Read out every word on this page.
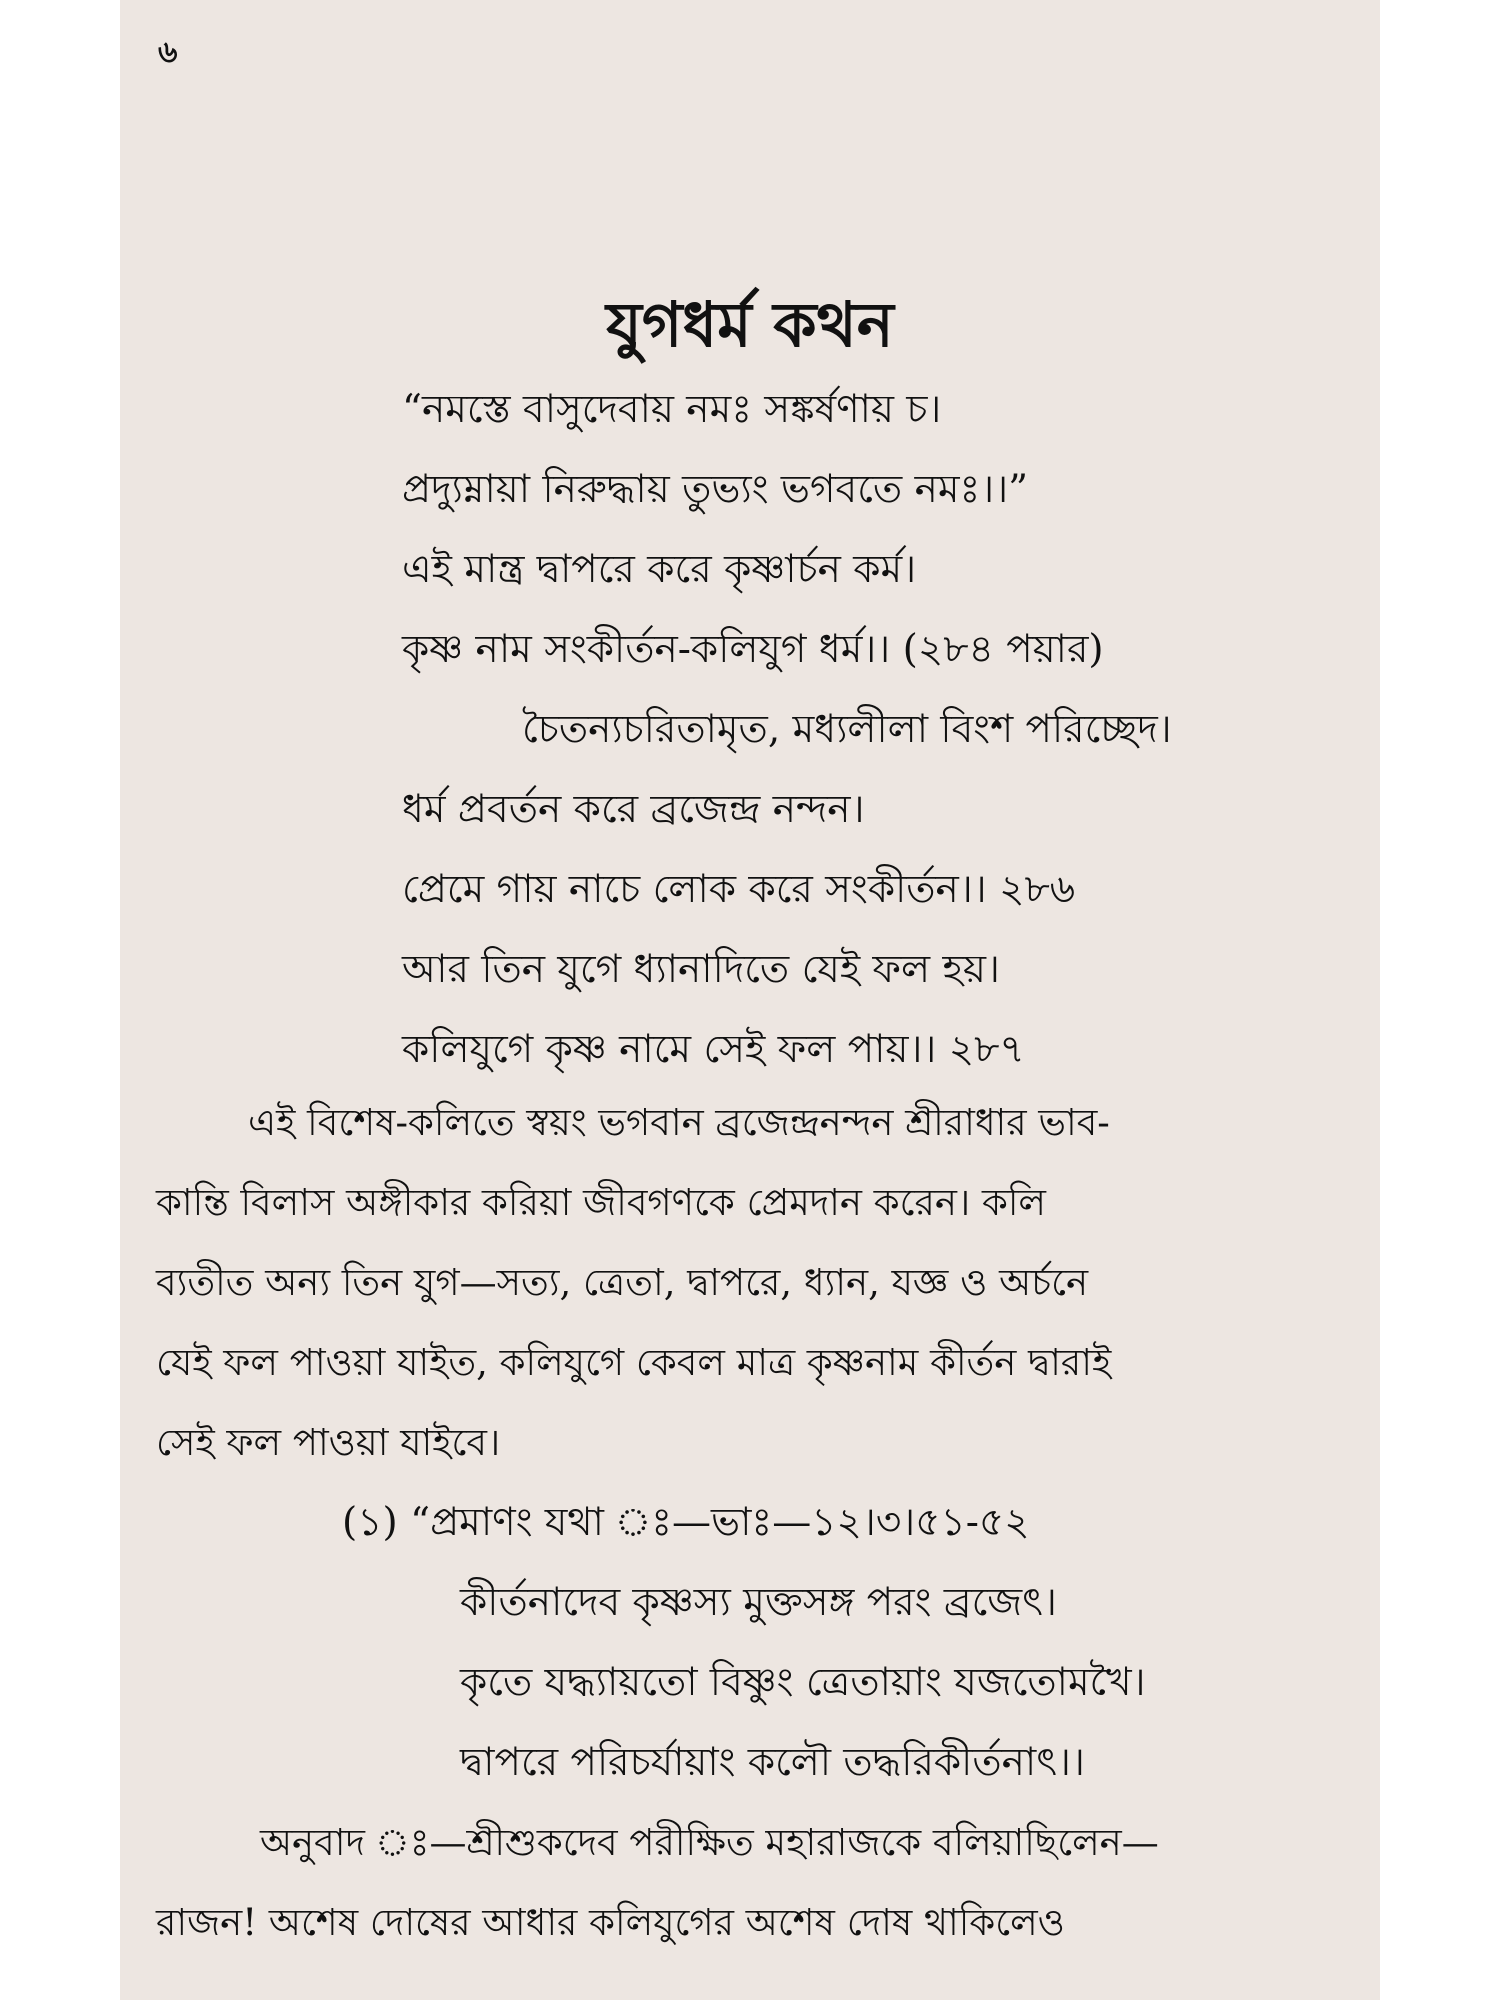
৬
যুগধর্ম কথন
“নমস্তে বাসুদেবায় নমঃ সঙ্কর্ষণায় চ।
প্রদ্যুম্নায়া নিরুদ্ধায় তুভ্যং ভগবতে নমঃ।।”
এই মান্ত্র দ্বাপরে করে কৃষ্ণার্চন কর্ম।
কৃষ্ণ নাম সংকীর্তন-কলিযুগ ধর্ম।। (২৮৪ পয়ার)
চৈতন্যচরিতামৃত, মধ্যলীলা বিংশ পরিচ্ছেদ।
ধর্ম প্রবর্তন করে ব্রজেন্দ্র নন্দন।
প্রেমে গায় নাচে লোক করে সংকীর্তন।। ২৮৬
আর তিন যুগে ধ্যানাদিতে যেই ফল হয়।
কলিযুগে কৃষ্ণ নামে সেই ফল পায়।। ২৮৭
এই বিশেষ-কলিতে স্বয়ং ভগবান ব্রজেন্দ্রনন্দন শ্রীরাধার ভাব-
কান্তি বিলাস অঙ্গীকার করিয়া জীবগণকে প্রেমদান করেন। কলি
ব্যতীত অন্য তিন যুগ—সত্য, ত্রেতা, দ্বাপরে, ধ্যান, যজ্ঞ ও অর্চনে
যেই ফল পাওয়া যাইত, কলিযুগে কেবল মাত্র কৃষ্ণনাম কীর্তন দ্বারাই
সেই ফল পাওয়া যাইবে।
(১) “প্রমাণং যথা ঃ—ভাঃ—১২।৩।৫১-৫২
কীর্তনাদেব কৃষ্ণস্য মুক্তসঙ্গ পরং ব্রজেৎ।
কৃতে যদ্ধ্যায়তো বিষ্ণুং ত্রেতায়াং যজতোমখৈ।
দ্বাপরে পরিচর্যায়াং কলৌ তদ্ধরিকীর্তনাৎ।।
অনুবাদ ঃ—শ্রীশুকদেব পরীক্ষিত মহারাজকে বলিয়াছিলেন—
রাজন! অশেষ দোষের আধার কলিযুগের অশেষ দোষ থাকিলেও
